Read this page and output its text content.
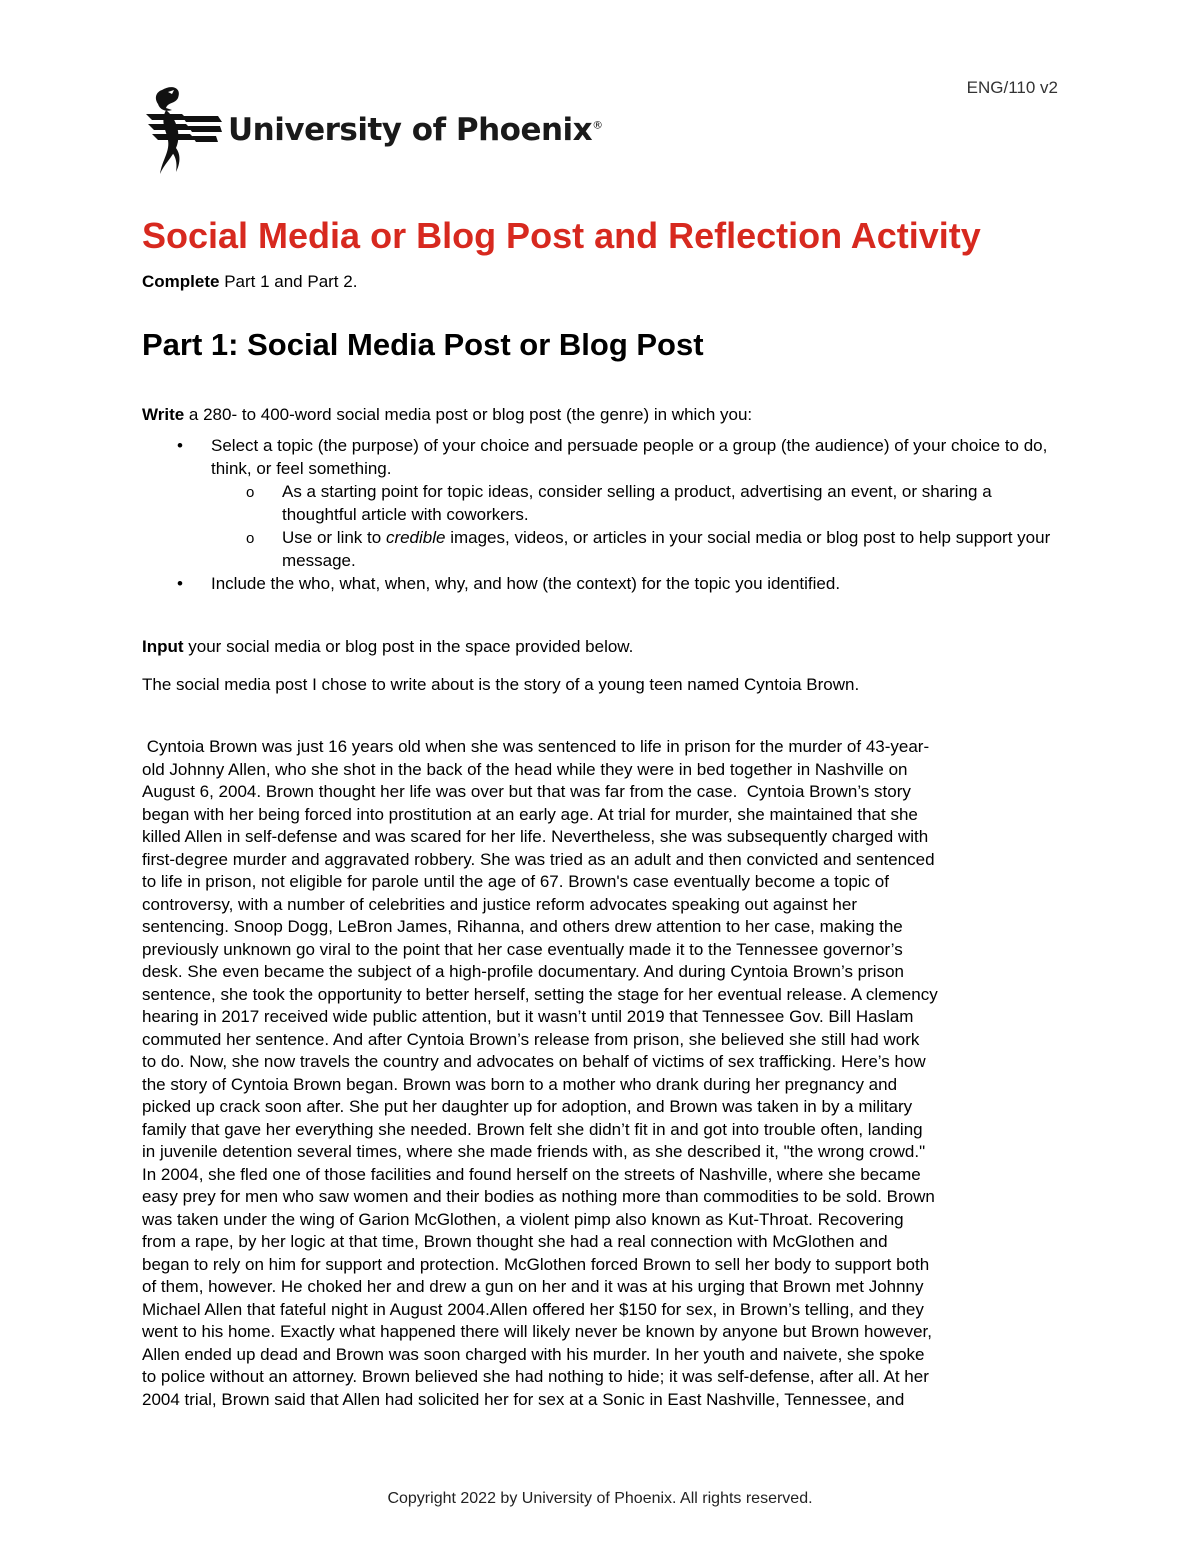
ENG/110 v2
University of Phoenix®
Social Media or Blog Post and Reflection Activity

Complete Part 1 and Part 2.

Part 1: Social Media Post or Blog Post

Write a 280- to 400-word social media post or blog post (the genre) in which you:

• Select a topic (the purpose) of your choice and persuade people or a group (the audience) of your choice to do, think, or feel something.
o As a starting point for topic ideas, consider selling a product, advertising an event, or sharing a thoughtful article with coworkers.
o Use or link to credible images, videos, or articles in your social media or blog post to help support your message.
• Include the who, what, when, why, and how (the context) for the topic you identified.

Input your social media or blog post in the space provided below.

The social media post I chose to write about is the story of a young teen named Cyntoia Brown.

Cyntoia Brown was just 16 years old when she was sentenced to life in prison for the murder of 43-year-
old Johnny Allen, who she shot in the back of the head while they were in bed together in Nashville on
August 6, 2004. Brown thought her life was over but that was far from the case.  Cyntoia Brown’s story
began with her being forced into prostitution at an early age. At trial for murder, she maintained that she
killed Allen in self-defense and was scared for her life. Nevertheless, she was subsequently charged with
first-degree murder and aggravated robbery. She was tried as an adult and then convicted and sentenced
to life in prison, not eligible for parole until the age of 67. Brown's case eventually become a topic of
controversy, with a number of celebrities and justice reform advocates speaking out against her
sentencing. Snoop Dogg, LeBron James, Rihanna, and others drew attention to her case, making the
previously unknown go viral to the point that her case eventually made it to the Tennessee governor’s
desk. She even became the subject of a high-profile documentary. And during Cyntoia Brown’s prison
sentence, she took the opportunity to better herself, setting the stage for her eventual release. A clemency
hearing in 2017 received wide public attention, but it wasn’t until 2019 that Tennessee Gov. Bill Haslam
commuted her sentence. And after Cyntoia Brown’s release from prison, she believed she still had work
to do. Now, she now travels the country and advocates on behalf of victims of sex trafficking. Here’s how
the story of Cyntoia Brown began. Brown was born to a mother who drank during her pregnancy and
picked up crack soon after. She put her daughter up for adoption, and Brown was taken in by a military
family that gave her everything she needed. Brown felt she didn’t fit in and got into trouble often, landing
in juvenile detention several times, where she made friends with, as she described it, "the wrong crowd."
In 2004, she fled one of those facilities and found herself on the streets of Nashville, where she became
easy prey for men who saw women and their bodies as nothing more than commodities to be sold. Brown
was taken under the wing of Garion McGlothen, a violent pimp also known as Kut-Throat. Recovering
from a rape, by her logic at that time, Brown thought she had a real connection with McGlothen and
began to rely on him for support and protection. McGlothen forced Brown to sell her body to support both
of them, however. He choked her and drew a gun on her and it was at his urging that Brown met Johnny
Michael Allen that fateful night in August 2004.Allen offered her $150 for sex, in Brown’s telling, and they
went to his home. Exactly what happened there will likely never be known by anyone but Brown however,
Allen ended up dead and Brown was soon charged with his murder. In her youth and naivete, she spoke
to police without an attorney. Brown believed she had nothing to hide; it was self-defense, after all. At her
2004 trial, Brown said that Allen had solicited her for sex at a Sonic in East Nashville, Tennessee, and
Copyright 2022 by University of Phoenix. All rights reserved.
